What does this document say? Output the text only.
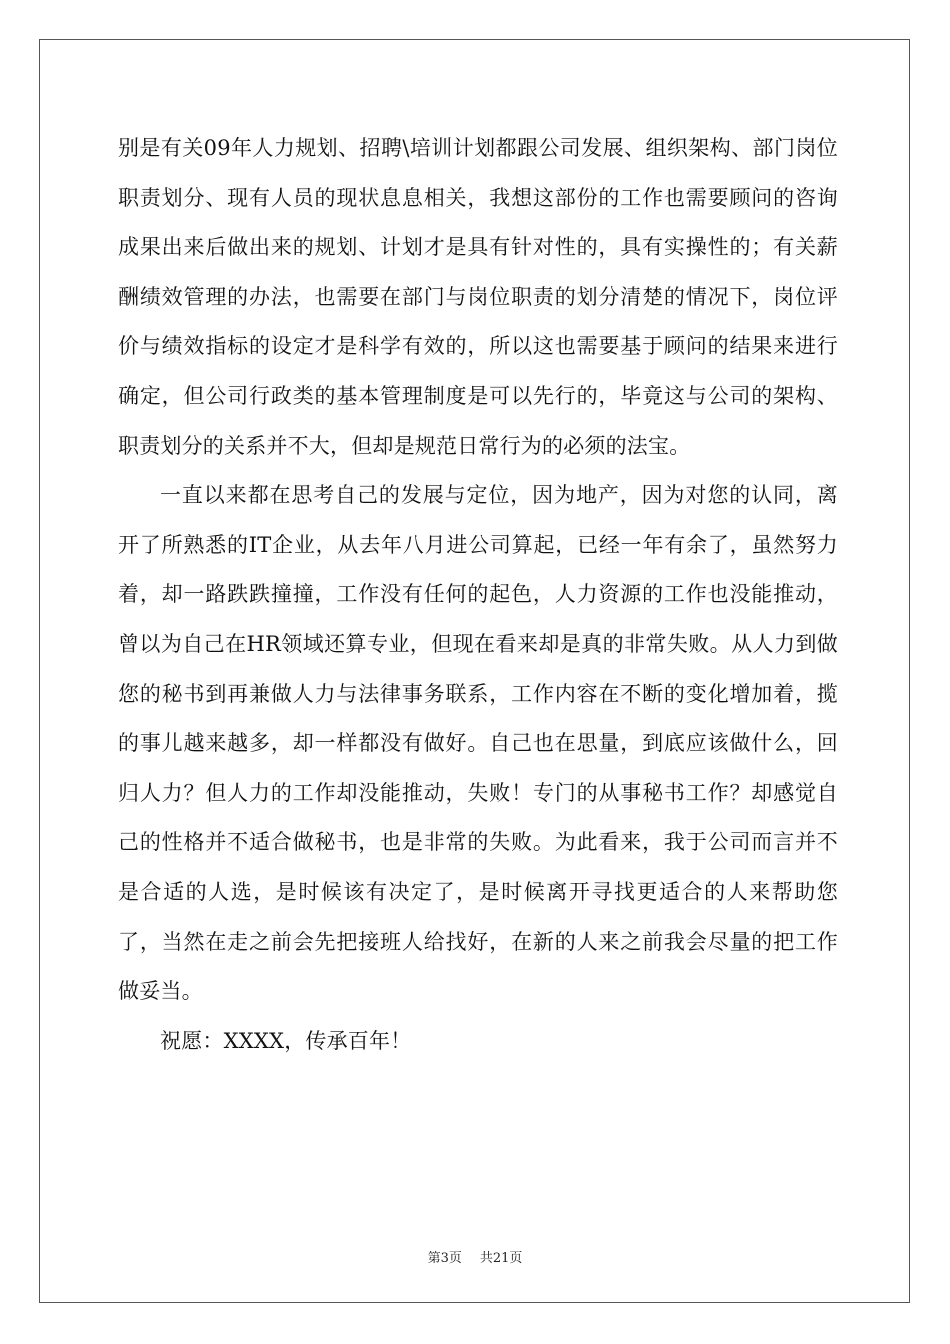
别是有关09年人力规划、招聘\培训计划都跟公司发展、组织架构、部门岗位职责划分、现有人员的现状息息相关，我想这部份的工作也需要顾问的咨询成果出来后做出来的规划、计划才是具有针对性的，具有实操性的；有关薪酬绩效管理的办法，也需要在部门与岗位职责的划分清楚的情况下，岗位评价与绩效指标的设定才是科学有效的，所以这也需要基于顾问的结果来进行确定，但公司行政类的基本管理制度是可以先行的，毕竟这与公司的架构、职责划分的关系并不大，但却是规范日常行为的必须的法宝。

一直以来都在思考自己的发展与定位，因为地产，因为对您的认同，离开了所熟悉的IT企业，从去年八月进公司算起，已经一年有余了，虽然努力着，却一路跌跌撞撞，工作没有任何的起色，人力资源的工作也没能推动，曾以为自己在HR领域还算专业，但现在看来却是真的非常失败。从人力到做您的秘书到再兼做人力与法律事务联系，工作内容在不断的变化增加着，揽的事儿越来越多，却一样都没有做好。自己也在思量，到底应该做什么，回归人力？但人力的工作却没能推动，失败！专门的从事秘书工作？却感觉自己的性格并不适合做秘书，也是非常的失败。为此看来，我于公司而言并不是合适的人选，是时候该有决定了，是时候离开寻找更适合的人来帮助您了，当然在走之前会先把接班人给找好，在新的人来之前我会尽量的把工作做妥当。

祝愿：XXXX，传承百年！

第3页 共21页
